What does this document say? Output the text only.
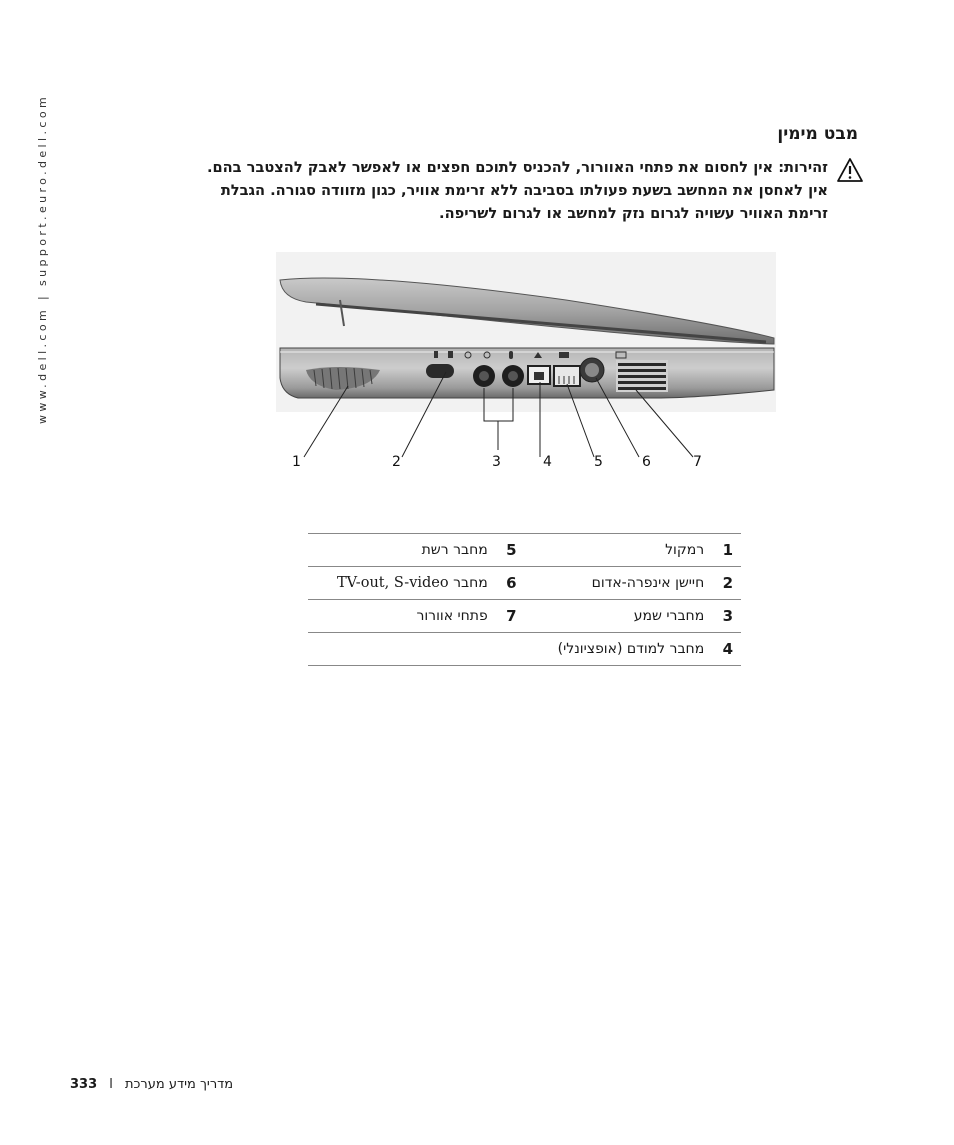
www.dell.com | support.euro.dell.com	מבט מימין
זהירות: אין לחסום את פתחי האוורור, להכניס לתוכם חפצים או לאפשר לאבק להצטבר בהם.
אין לאחסן את המחשב בשעת פעולתו בסביבה ללא זרימת אוויר, כגון מזוודה סגורה. הגבלת
זרימת האוויר עשויה לגרום נזק למחשב או לגרום לשריפה.
1	2	3	4	5	6	7
1	רמקול	5	מחבר רשת
2	חיישן אינפרה-אדום	6	מחבר TV-out, S-video
3	מחברי שמע	7	פתחי אוורור
4	מחבר למודם (אופציונלי)		
333 I מדריך מידע מערכת
